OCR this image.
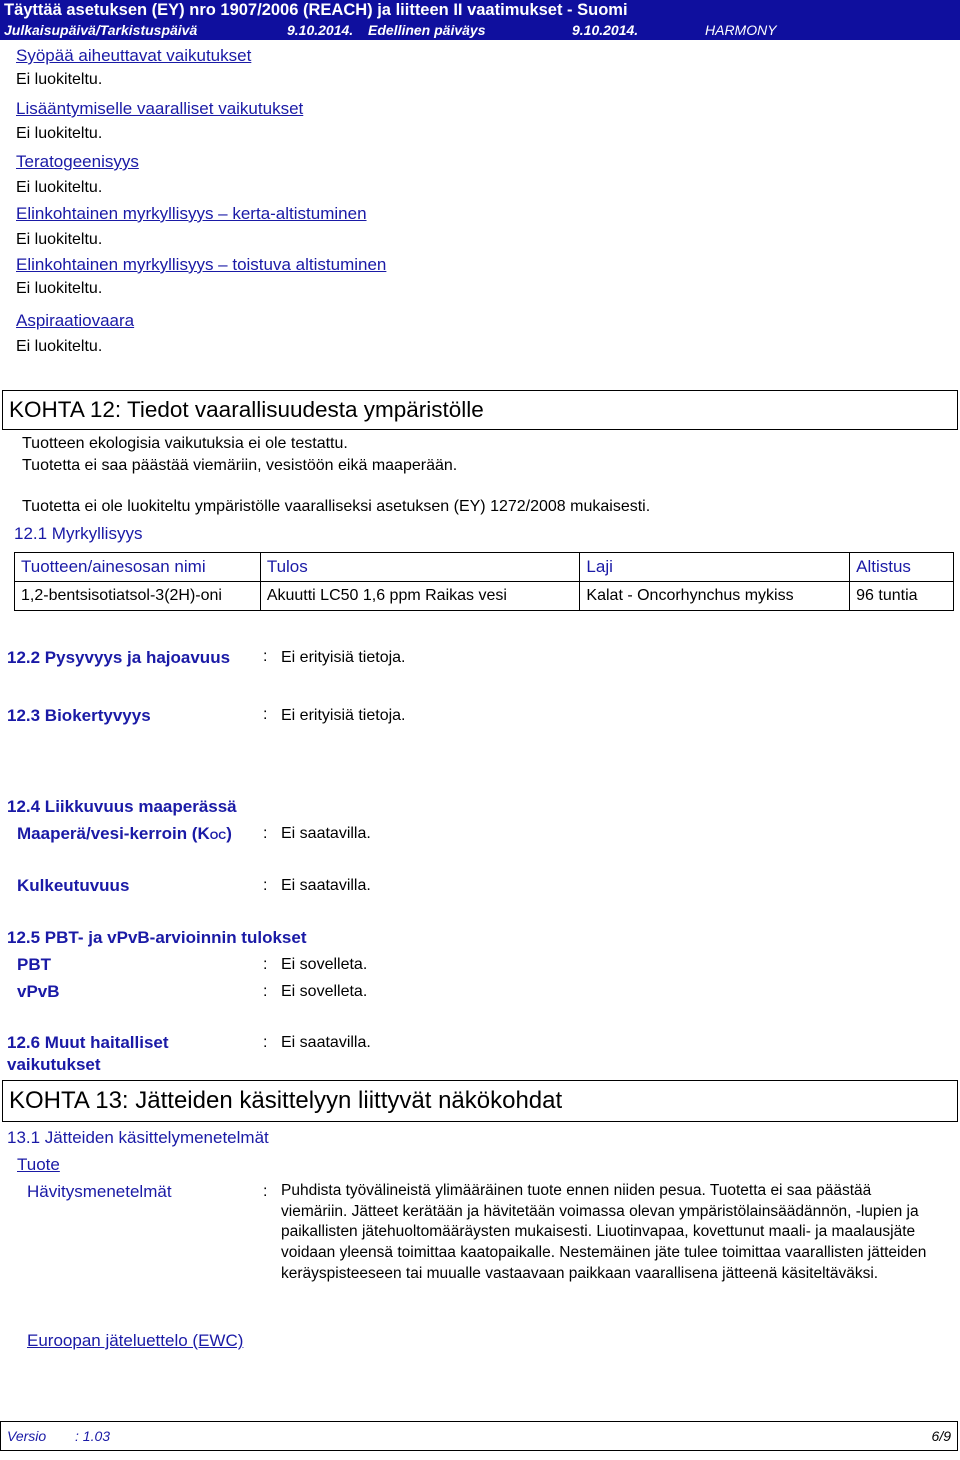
Täyttää asetuksen (EY) nro 1907/2006 (REACH) ja liitteen II vaatimukset - Suomi
Julkaisupäivä/Tarkistuspäivä	9.10.2014. Edellinen päiväys	9.10.2014.	HARMONY
Syöpää aiheuttavat vaikutukset
Ei luokiteltu.
Lisääntymiselle vaaralliset vaikutukset
Ei luokiteltu.
Teratogeenisyys
Ei luokiteltu.
Elinkohtainen myrkyllisyys – kerta-altistuminen
Ei luokiteltu.
Elinkohtainen myrkyllisyys – toistuva altistuminen
Ei luokiteltu.
Aspiraatiovaara
Ei luokiteltu.
KOHTA 12: Tiedot vaarallisuudesta ympäristölle
Tuotteen ekologisia vaikutuksia ei ole testattu.
Tuotetta ei saa päästää viemäriin, vesistöön eikä maaperään.
Tuotetta ei ole luokiteltu ympäristölle vaaralliseksi asetuksen (EY) 1272/2008 mukaisesti.
12.1 Myrkyllisyys
Tuotteen/ainesosan nimi	Tulos	Laji	Altistus
1,2-bentsisotiatsol-3(2H)-oni	Akuutti LC50 1,6 ppm Raikas vesi	Kalat - Oncorhynchus mykiss	96 tuntia
12.2 Pysyvyys ja hajoavuus : Ei erityisiä tietoja.
12.3 Biokertyvyys	: Ei erityisiä tietoja.
12.4 Liikkuvuus maaperässä
Maaperä/vesi-kerroin (KOC) : Ei saatavilla.
Kulkeutuvuus	: Ei saatavilla.
12.5 PBT- ja vPvB-arvioinnin tulokset
PBT	: Ei sovelleta.
vPvB	: Ei sovelleta.
12.6 Muut haitalliset
vaikutukset
: Ei saatavilla.
KOHTA 13: Jätteiden käsittelyyn liittyvät näkökohdat
13.1 Jätteiden käsittelymenetelmät
Tuote
Hävitysmenetelmät	: Puhdista työvälineistä ylimääräinen tuote ennen niiden pesua. Tuotetta ei saa päästää viemäriin. Jätteet kerätään ja hävitetään voimassa olevan ympäristölainsäädännön, -lupien ja paikallisten jätehuoltomääräysten mukaisesti. Liuotinvapaa, kovettunut maali- ja maalausjäte voidaan yleensä toimittaa kaatopaikalle. Nestemäinen jäte tulee toimittaa vaarallisten jätteiden keräyspisteeseen tai muualle vastaavaan paikkaan vaarallisena jätteenä käsiteltäväksi.
Euroopan jäteluettelo (EWC)
Versio : 1.03	6/9
